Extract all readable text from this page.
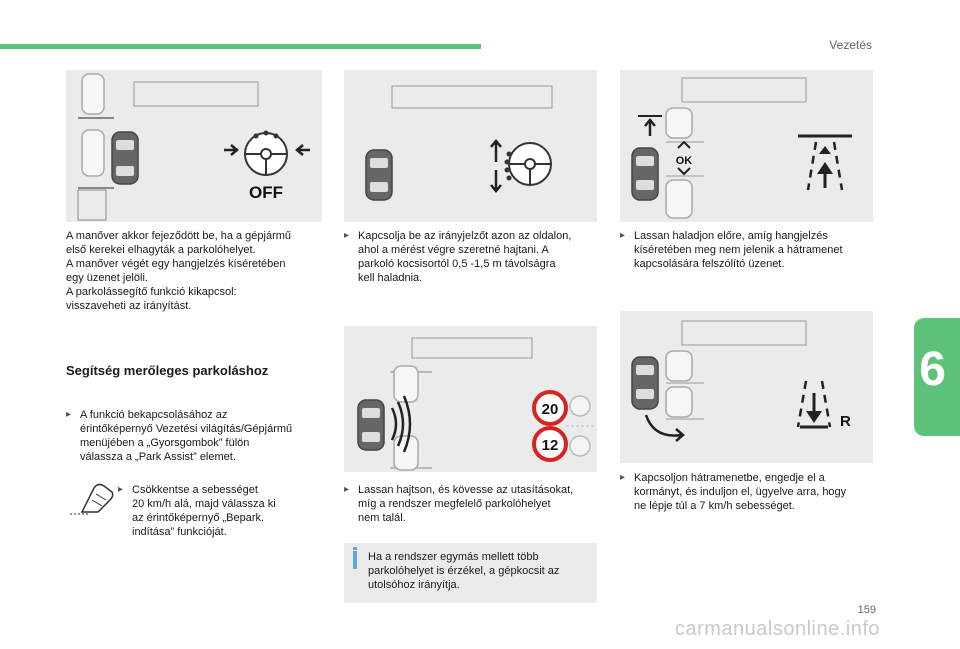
Vezetés
6
OFF
20
12
OK
R

A manőver akkor fejeződött be, ha a gépjármű

első kerekei elhagyták a parkolóhelyet.

A manőver végét egy hangjelzés kíséretében

egy üzenet jelöli.

A parkolássegítő funkció kikapcsol:

visszaveheti az irányítást.

Segítség merőleges parkoláshoz
▸ A funkció bekapcsolásához az

érintőképernyő Vezetési világítás/Gépjármű

menüjében a „Gyorsgombok” fülön

válassza a „Park Assist” elemet.

▸ Csökkentse a sebességet

20 km/h alá, majd válassza ki

az érintőképernyő „Bepark.

indítása” funkcióját.

▸ Kapcsolja be az irányjelzőt azon az oldalon,

ahol a mérést végre szeretné hajtani. A

parkoló kocsisortól 0,5 -1,5 m távolságra

kell haladnia.

▸ Lassan hajtson, és kövesse az utasításokat,

míg a rendszer megfelelő parkolóhelyet

nem talál.

Ha a rendszer egymás mellett több

parkolóhelyet is érzékel, a gépkocsit az

utolsóhoz irányítja.

▸ Lassan haladjon előre, amíg hangjelzés

kíséretében meg nem jelenik a hátramenet

kapcsolására felszólító üzenet.

▸ Kapcsoljon hátramenetbe, engedje el a

kormányt, és induljon el, ügyelve arra, hogy

ne lépje túl a 7 km/h sebességet.

159
carmanualsonline.info
